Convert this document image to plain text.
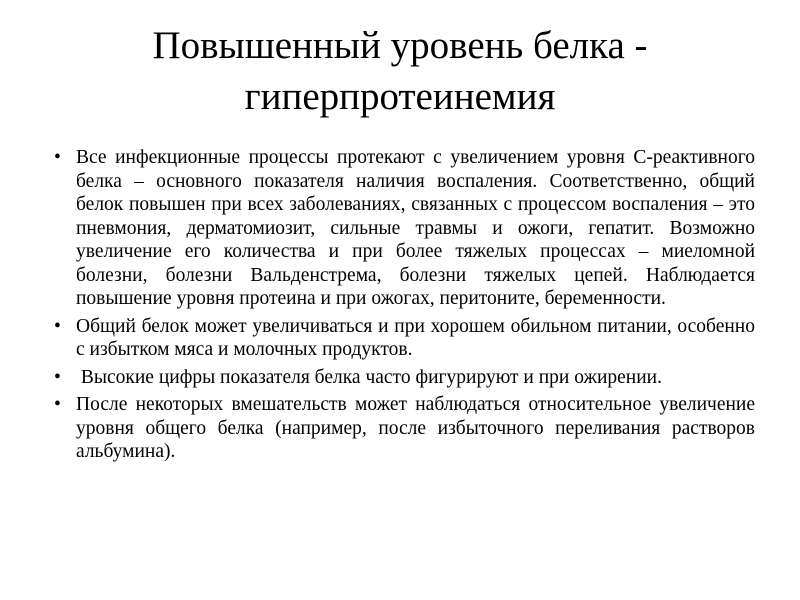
Повышенный уровень белка - гиперпротеинемия
• Все инфекционные процессы протекают с увеличением уровня С-реактивного белка – основного показателя наличия воспаления. Соответственно, общий белок повышен при всех заболеваниях, связанных с процессом воспаления – это пневмония, дерматомиозит, сильные травмы и ожоги, гепатит. Возможно увеличение его количества и при более тяжелых процессах – миеломной болезни, болезни Вальденстрема, болезни тяжелых цепей. Наблюдается повышение уровня протеина и при ожогах, перитоните, беременности.
• Общий белок может увеличиваться и при хорошем обильном питании, особенно с избытком мяса и молочных продуктов.
• Высокие цифры показателя белка часто фигурируют и при ожирении.
• После некоторых вмешательств может наблюдаться относительное увеличение уровня общего белка (например, после избыточного переливания растворов альбумина).
